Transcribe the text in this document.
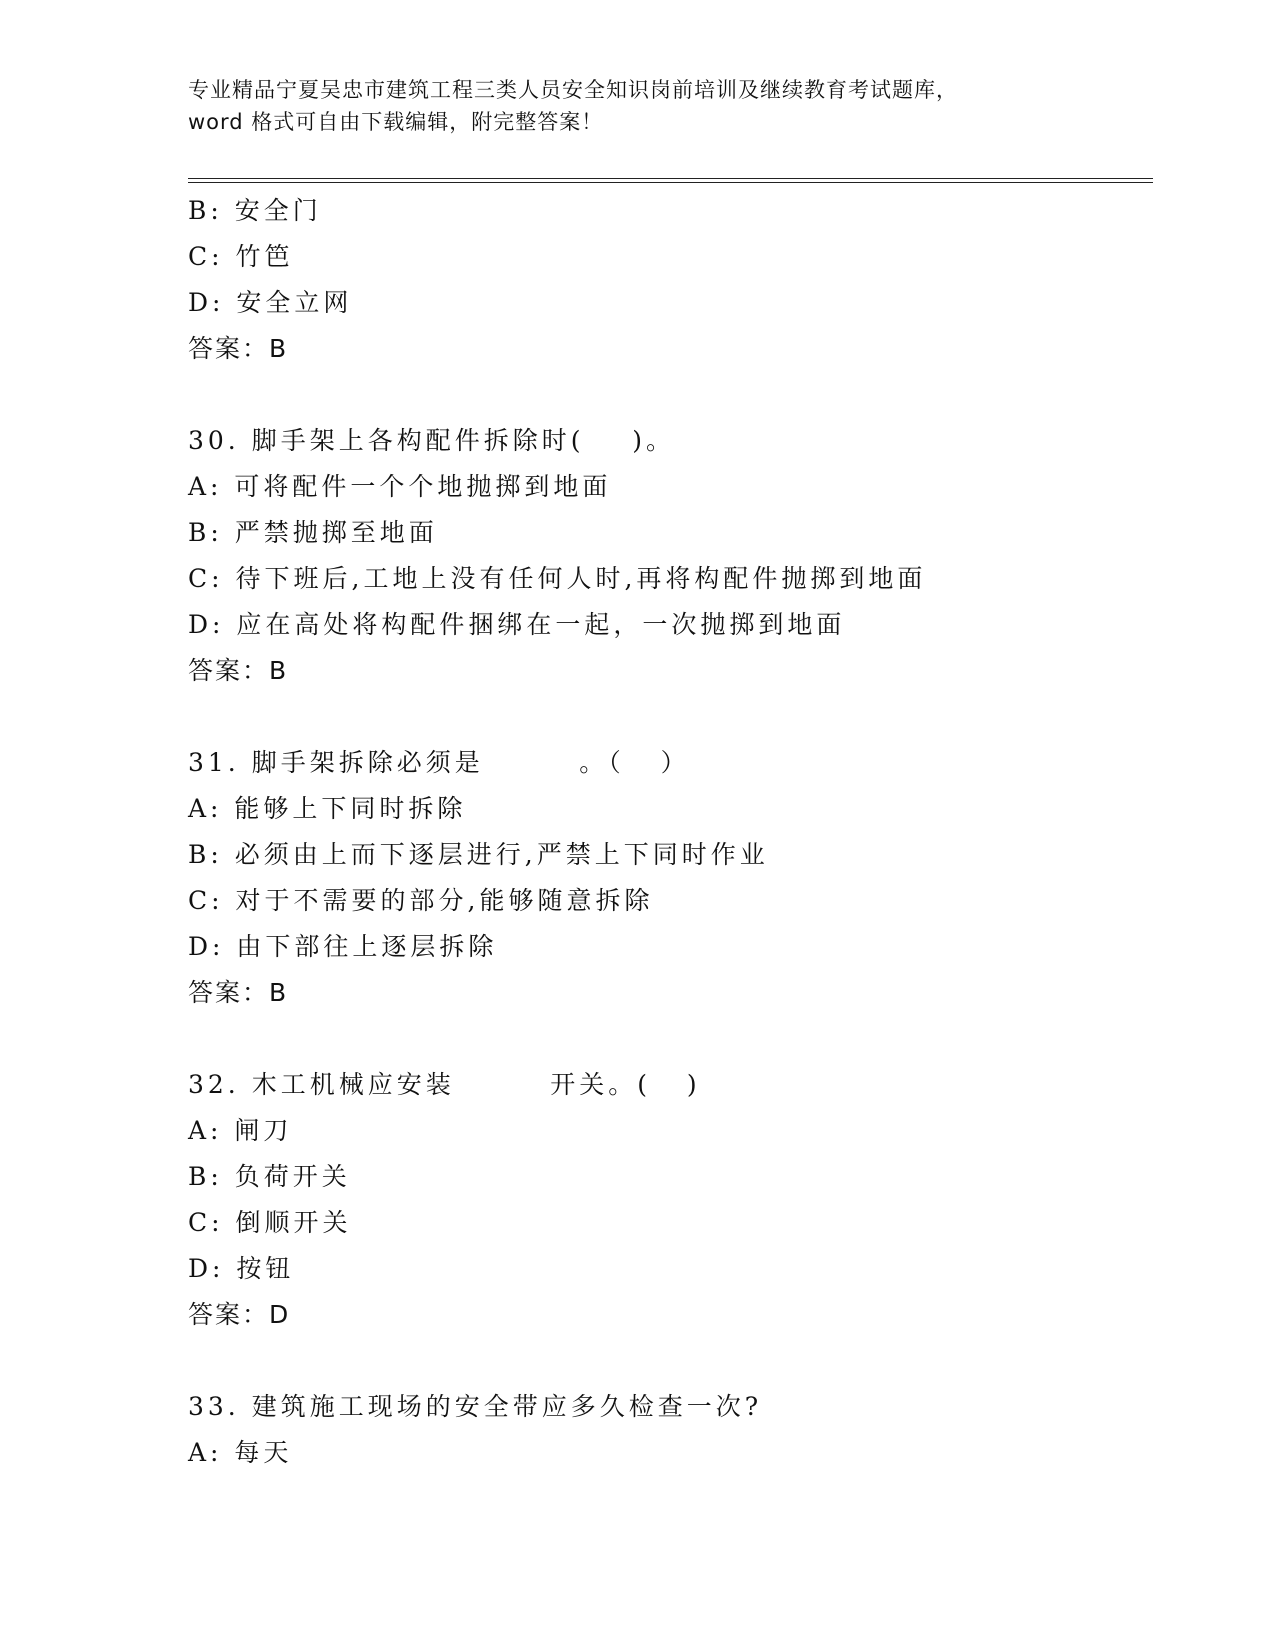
专业精品宁夏吴忠市建筑工程三类人员安全知识岗前培训及继续教育考试题库，
word 格式可自由下载编辑，附完整答案！
B: 安全门
C: 竹笆
D: 安全立网
答案：B
30. 脚手架上各构配件拆除时(    )。
A: 可将配件一个个地抛掷到地面
B: 严禁抛掷至地面
C: 待下班后,工地上没有任何人时,再将构配件抛掷到地面
D: 应在高处将构配件捆绑在一起，一次抛掷到地面
答案：B
31. 脚手架拆除必须是        。（   ）
A: 能够上下同时拆除
B: 必须由上而下逐层进行,严禁上下同时作业
C: 对于不需要的部分,能够随意拆除
D: 由下部往上逐层拆除
答案：B
32. 木工机械应安装        开关。(   )
A: 闸刀
B: 负荷开关
C: 倒顺开关
D: 按钮
答案：D
33. 建筑施工现场的安全带应多久检查一次?
A: 每天
